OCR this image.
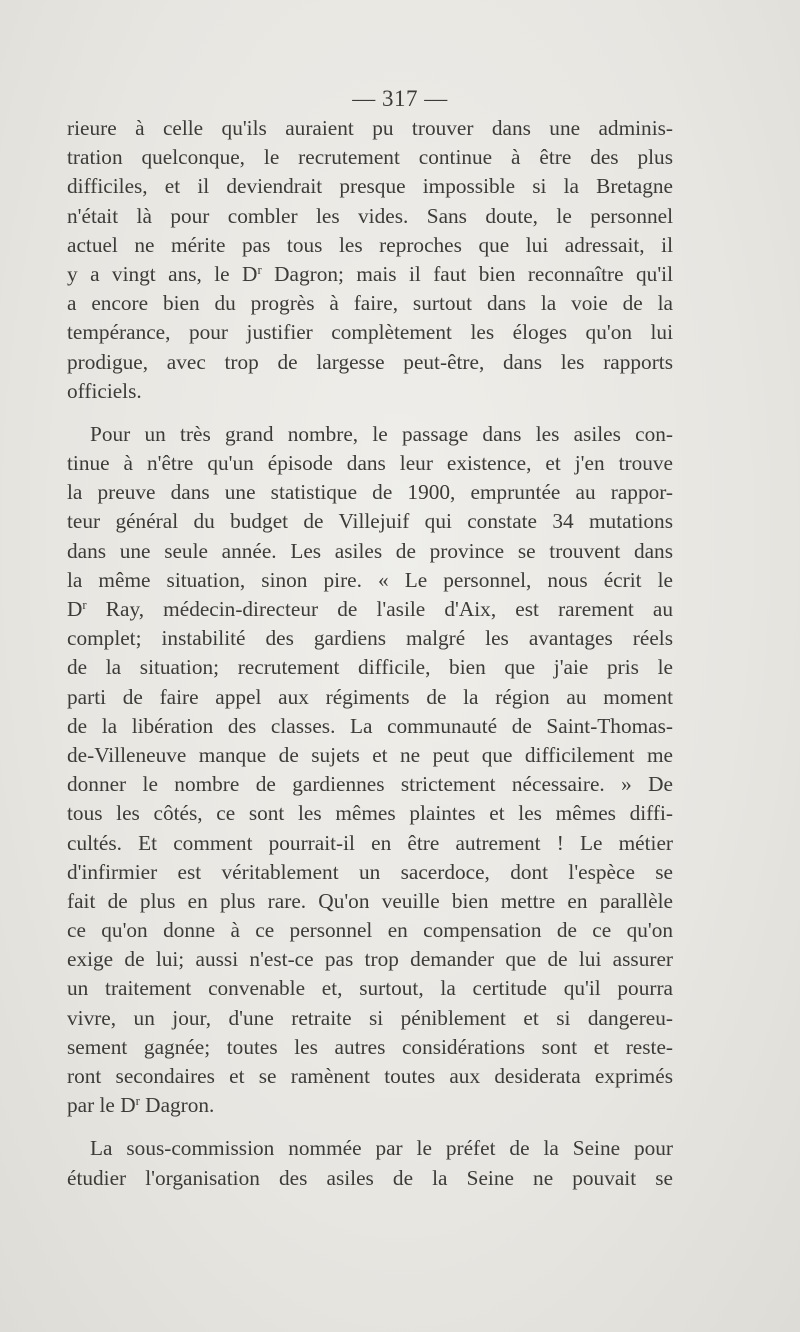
— 317 —
rieure à celle qu'ils auraient pu trouver dans une adminis-
tration quelconque, le recrutement continue à être des plus
difficiles, et il deviendrait presque impossible si la Bretagne
n'était là pour combler les vides. Sans doute, le personnel
actuel ne mérite pas tous les reproches que lui adressait, il
y a vingt ans, le $D^r$ Dagron; mais il faut bien reconnaître qu'il
a encore bien du progrès à faire, surtout dans la voie de la
tempérance, pour justifier complètement les éloges qu'on lui
prodigue, avec trop de largesse peut-être, dans les rapports
officiels.
Pour un très grand nombre, le passage dans les asiles con-
tinue à n'être qu'un épisode dans leur existence, et j'en trouve
la preuve dans une statistique de 1900, empruntée au rappor-
teur général du budget de Villejuif qui constate 34 mutations
dans une seule année. Les asiles de province se trouvent dans
la même situation, sinon pire. « Le personnel, nous écrit le
$D^r$ Ray, médecin-directeur de l'asile d'Aix, est rarement au
complet; instabilité des gardiens malgré les avantages réels
de la situation; recrutement difficile, bien que j'aie pris le
parti de faire appel aux régiments de la région au moment
de la libération des classes. La communauté de Saint-Thomas-
de-Villeneuve manque de sujets et ne peut que difficilement me
donner le nombre de gardiennes strictement nécessaire. » De
tous les côtés, ce sont les mêmes plaintes et les mêmes diffi-
cultés. Et comment pourrait-il en être autrement ! Le métier
d'infirmier est véritablement un sacerdoce, dont l'espèce se
fait de plus en plus rare. Qu'on veuille bien mettre en parallèle
ce qu'on donne à ce personnel en compensation de ce qu'on
exige de lui; aussi n'est-ce pas trop demander que de lui assurer
un traitement convenable et, surtout, la certitude qu'il pourra
vivre, un jour, d'une retraite si péniblement et si dangereu-
sement gagnée; toutes les autres considérations sont et reste-
ront secondaires et se ramènent toutes aux desiderata exprimés
par le $D^r$ Dagron.
La sous-commission nommée par le préfet de la Seine pour
étudier l'organisation des asiles de la Seine ne pouvait se
